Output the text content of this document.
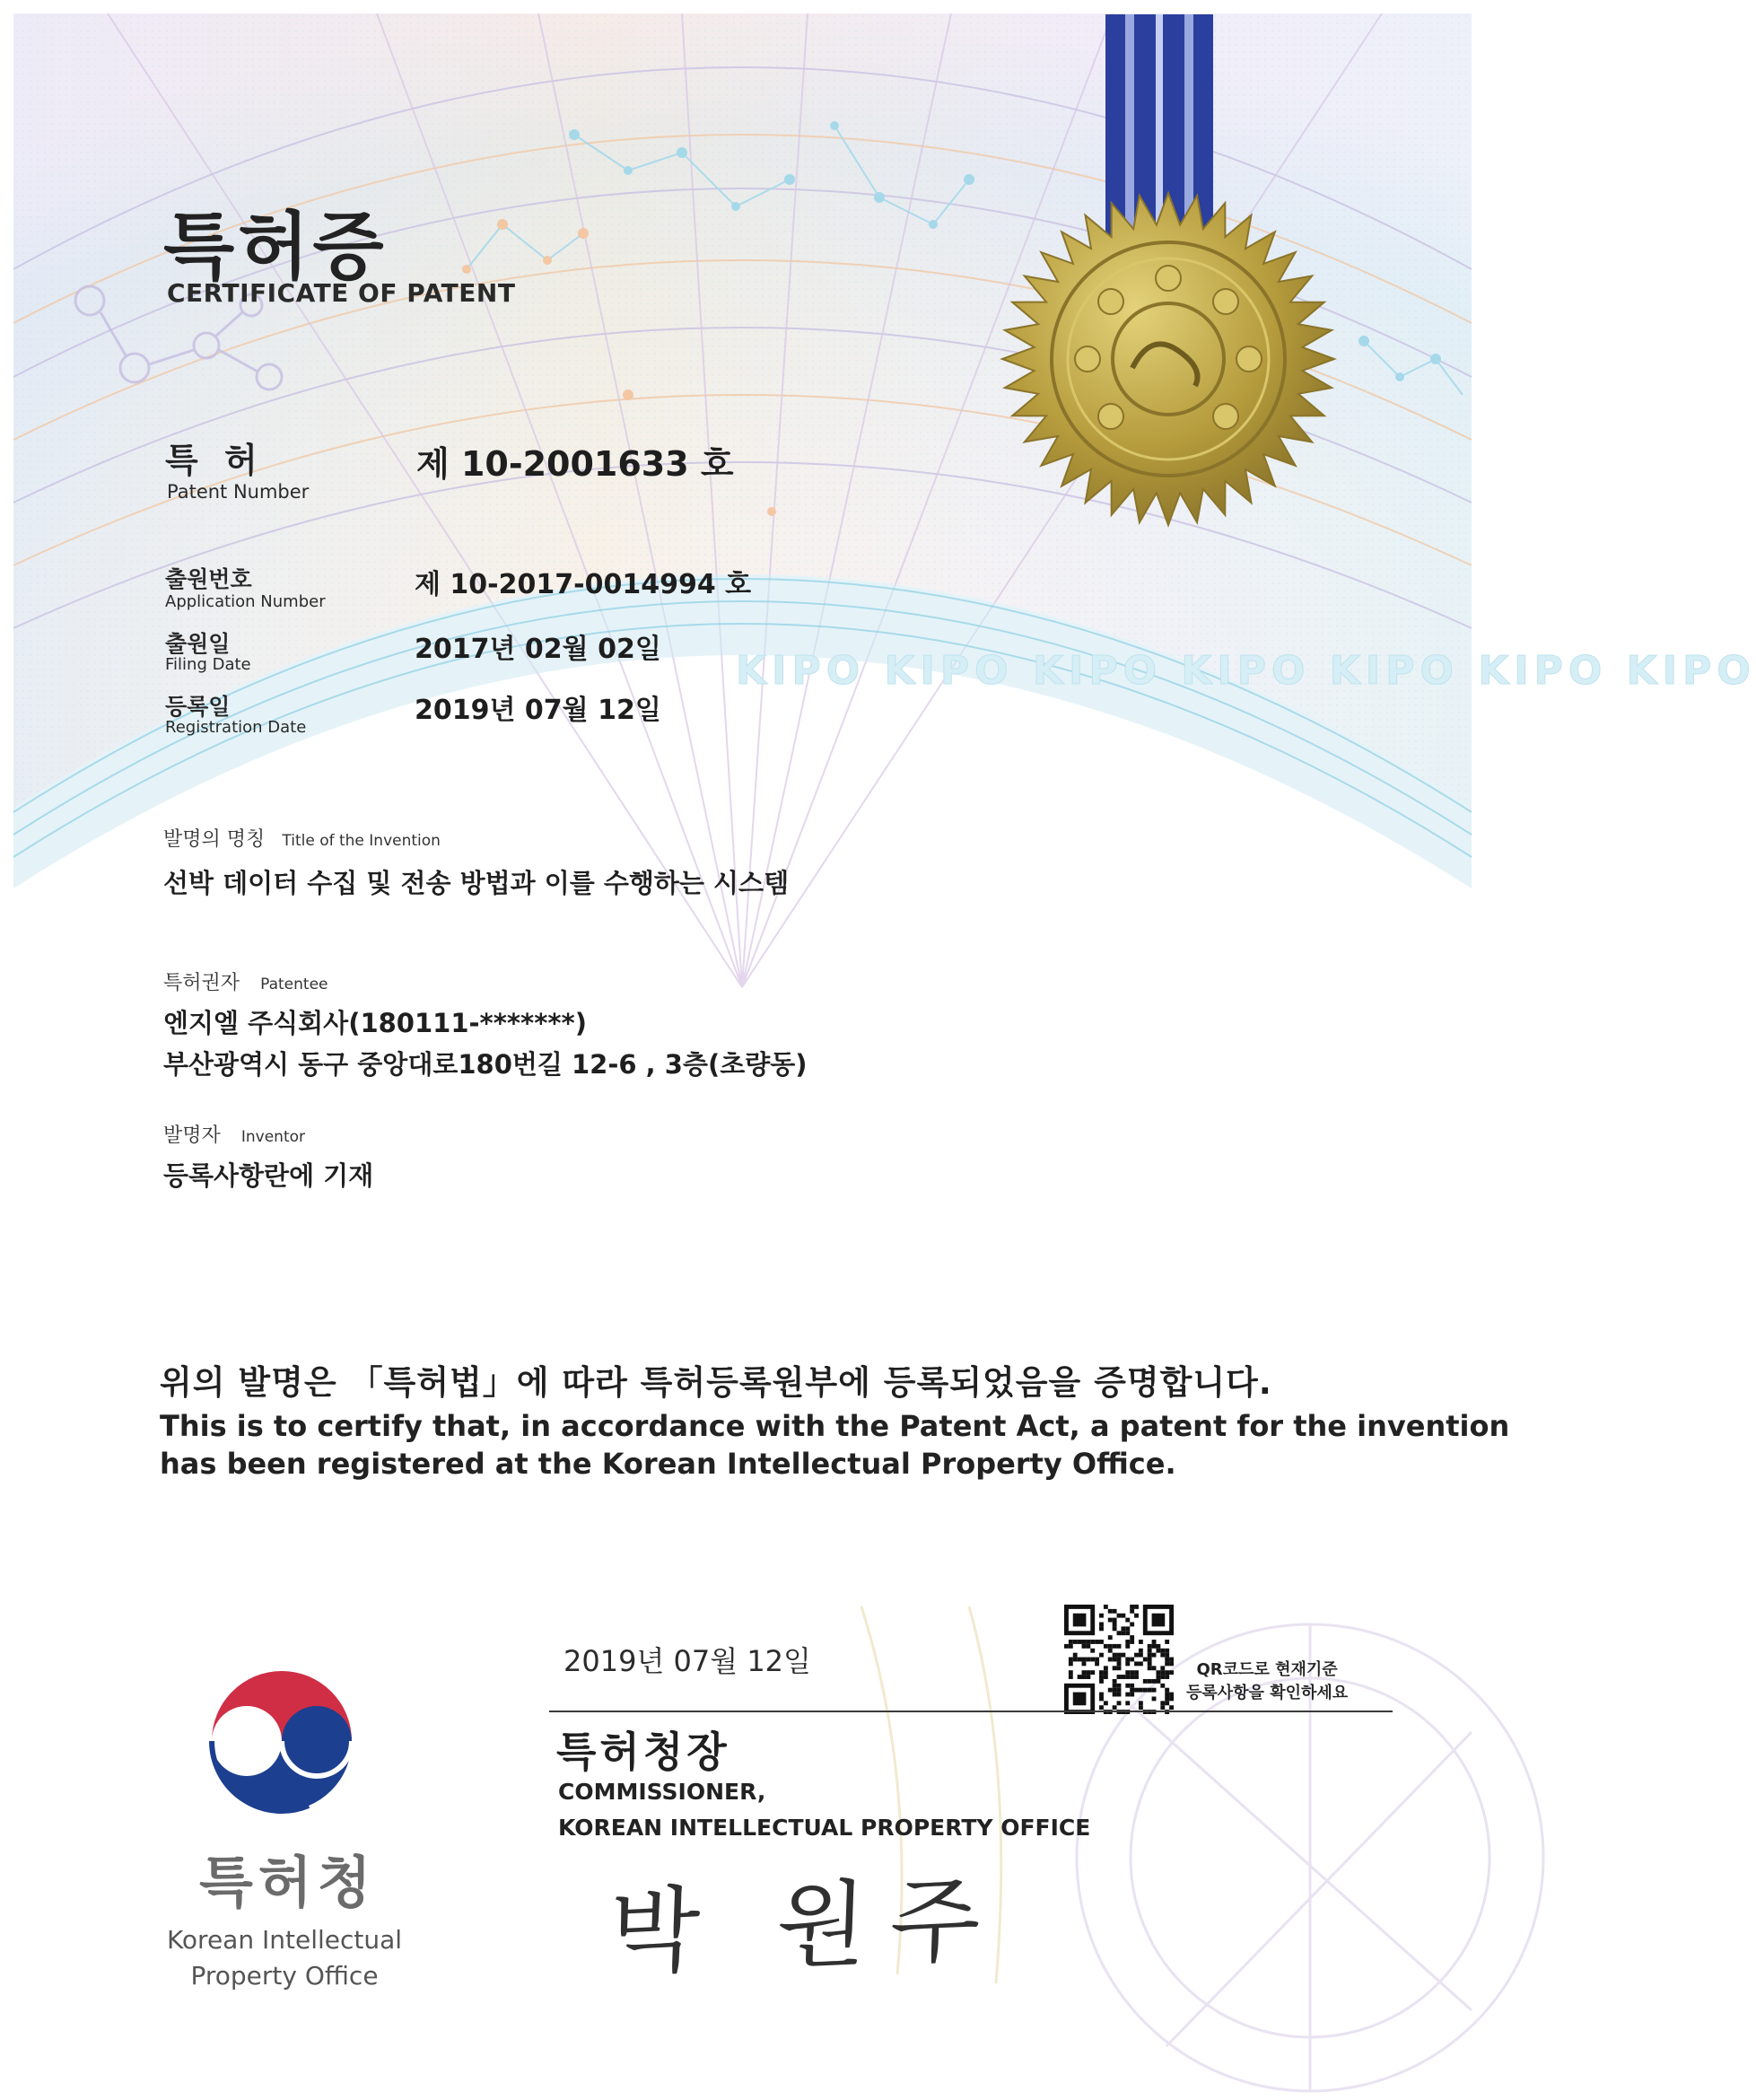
특허증
CERTIFICATE OF PATENT
특 허
Patent Number
제 10-2001633 호
출원번호
Application Number
제 10-2017-0014994 호
출원일
Filing Date	2017년 02월 02일
등록일
Registration Date
2019년 07월 12일
KIPO KIPO KIPO KIPO KIPO KIPO KIPO
발명의 명칭 Title of the Invention
선박 데이터 수집 및 전송 방법과 이를 수행하는 시스템
특허권자 Patentee
엔지엘 주식회사(180111-*******)
부산광역시 동구 중앙대로180번길 12-6 , 3층(초량동)
발명자 Inventor
등록사항란에 기재
위의 발명은 「특허법」에 따라 특허등록원부에 등록되었음을 증명합니다.
This is to certify that, in accordance with the Patent Act, a patent for the invention
has been registered at the Korean Intellectual Property Office.
2019년 07월 12일	QR코드로 현재기준
등록사항을 확인하세요
특허청장
COMMISSIONER,
KOREAN INTELLECTUAL PROPERTY OFFICE
박 원주
특허청
Korean Intellectual
Property Office
